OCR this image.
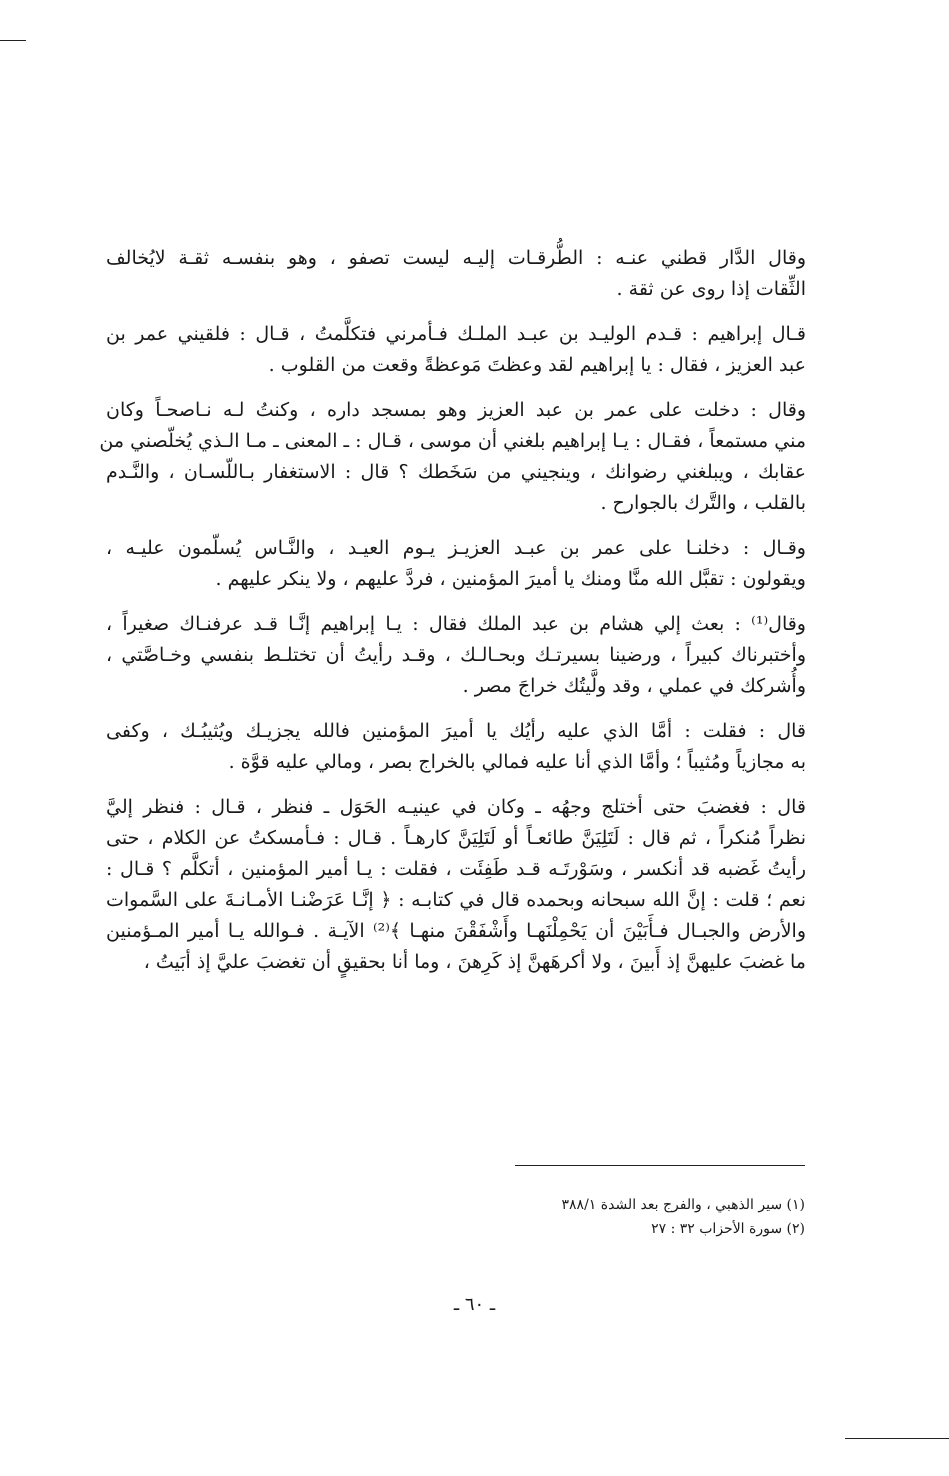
وقال الدَّار قطني عنـه : الطُّرقـات إليـه ليست تصفو ، وهو بنفسـه ثقـة لايُخالف
الثِّقات إذا روى عن ثقة .
قـال إبراهيم : قـدم الوليـد بن عبـد الملـك فـأمرني فتكلَّمتُ ، قـال : فلقيني عمر بن
عبد العزيز ، فقال : يا إبراهيم لقد وعظتَ مَوعظةً وقعت من القلوب .
وقال : دخلت على عمر بن عبد العزيز وهو بمسجد داره ، وكنتُ لـه نـاصحـاً وكان
مني مستمعاً ، فقـال : يـا إبراهيم بلغني أن موسى ، قـال : ـ المعنى ـ مـا الـذي يُخلّصني من
عقابك ، ويبلغني رضوانك ، وينجيني من سَخَطك ؟ قال : الاستغفار بـاللّسـان ، والنَّـدم
بالقلب ، والتَّرك بالجوارح .
وقـال : دخلنـا على عمر بن عبـد العزيـز يـوم العيـد ، والنَّـاس يُسلّمون عليـه ،
ويقولون : تقبَّل الله منَّا ومنك يا أميرَ المؤمنين ، فردَّ عليهم ، ولا ينكر عليهم .
وقال⁽¹⁾ : بعث إلي هشام بن عبد الملك فقال : يـا إبراهيم إنَّـا قـد عرفنـاك صغيراً ،
وأختبرناك كبيراً ، ورضينا بسيرتـك وبحـالـك ، وقـد رأيتُ أن تختلـط بنفسي وخـاصَّتي ،
وأُشركك في عملي ، وقد ولَّيتُك خراجَ مصر .
قال : فقلت : أمَّا الذي عليه رأيُك يا أميرَ المؤمنين فالله يجزيـك ويُثيبُـك ، وكفى
به مجازياً ومُثيباً ؛ وأمَّا الذي أنا عليه فمالي بالخراج بصر ، ومالي عليه قوَّة .
قال : فغضبَ حتى أختلج وجهُه ـ وكان في عينيـه الحَوَل ـ فنظر ، قـال : فنظر إليَّ
نظراً مُنكراً ، ثم قال : لَتَلِيَنَّ طائعـاً أو لَتَلِيَنَّ كارهـاً . قـال : فـأمسكتُ عن الكلام ، حتى
رأيتُ غَضبه قد أنكسر ، وسَوْرتَـه قـد طَفِئَت ، فقلت : يـا أمير المؤمنين ، أتكلَّم ؟ قـال :
نعم ؛ قلت : إنَّ الله سبحانه وبحمده قال في كتابـه : ﴿ إنَّـا عَرَضْنـا الأمـانـةَ على السَّموات
والأرض والجبـال فـأَبَيْنَ أن يَحْمِلْنَهـا وأَشْفَقْنَ منهـا ﴾⁽²⁾ الآيـة . فـوالله يـا أمير المـؤمنين
ما غضبَ عليهنَّ إذ أَبينَ ، ولا أكرهَهنَّ إذ كَرِهنَ ، وما أنا بحقيقٍ أن تغضبَ عليَّ إذ أبَيتُ ،
(١) سير الذهبي ، والفرج بعد الشدة ٣٨٨/١
(٢) سورة الأحزاب ٣٢ : ٢٧
ـ ٦٠ ـ
